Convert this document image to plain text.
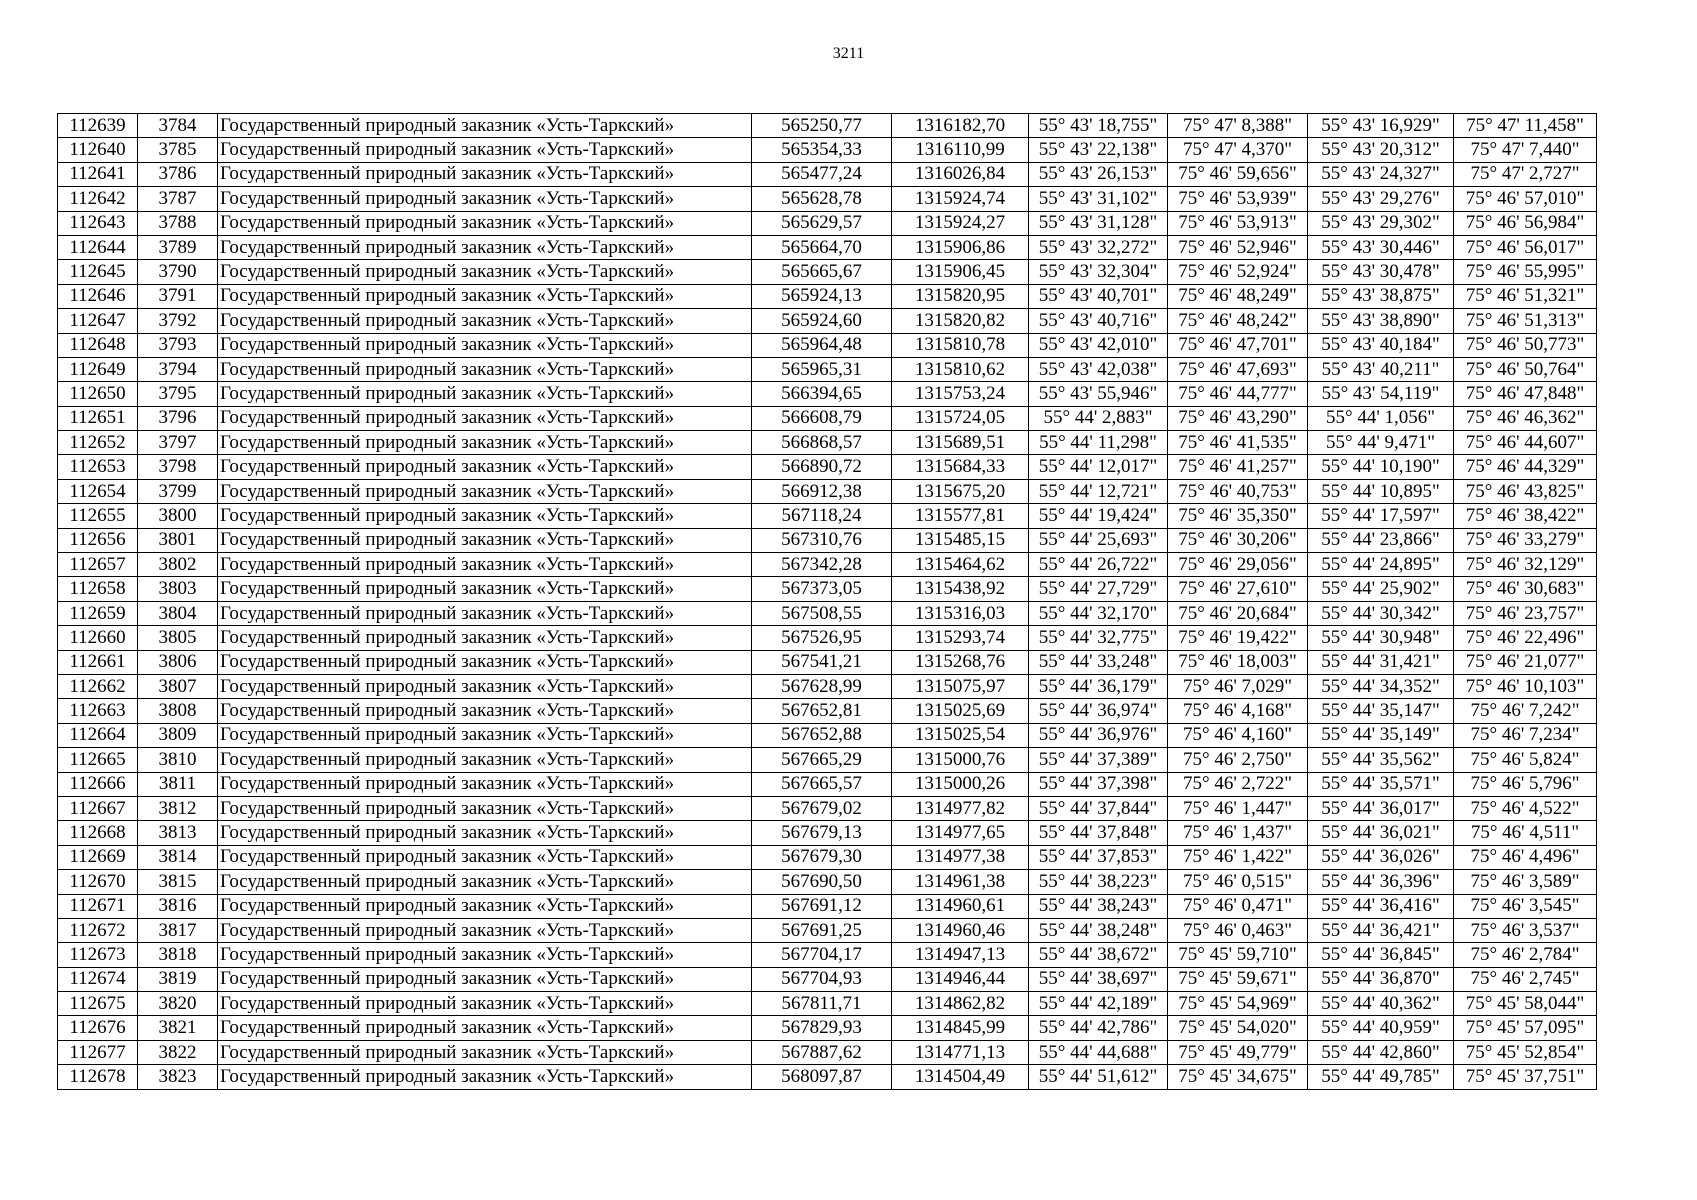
3211
112639	3784	Государственный природный заказник «Усть-Таркский»	565250,77	1316182,70	55° 43' 18,755"	75° 47' 8,388"	55° 43' 16,929"	75° 47' 11,458"
112640	3785	Государственный природный заказник «Усть-Таркский»	565354,33	1316110,99	55° 43' 22,138"	75° 47' 4,370"	55° 43' 20,312"	75° 47' 7,440"
112641	3786	Государственный природный заказник «Усть-Таркский»	565477,24	1316026,84	55° 43' 26,153"	75° 46' 59,656"	55° 43' 24,327"	75° 47' 2,727"
112642	3787	Государственный природный заказник «Усть-Таркский»	565628,78	1315924,74	55° 43' 31,102"	75° 46' 53,939"	55° 43' 29,276"	75° 46' 57,010"
112643	3788	Государственный природный заказник «Усть-Таркский»	565629,57	1315924,27	55° 43' 31,128"	75° 46' 53,913"	55° 43' 29,302"	75° 46' 56,984"
112644	3789	Государственный природный заказник «Усть-Таркский»	565664,70	1315906,86	55° 43' 32,272"	75° 46' 52,946"	55° 43' 30,446"	75° 46' 56,017"
112645	3790	Государственный природный заказник «Усть-Таркский»	565665,67	1315906,45	55° 43' 32,304"	75° 46' 52,924"	55° 43' 30,478"	75° 46' 55,995"
112646	3791	Государственный природный заказник «Усть-Таркский»	565924,13	1315820,95	55° 43' 40,701"	75° 46' 48,249"	55° 43' 38,875"	75° 46' 51,321"
112647	3792	Государственный природный заказник «Усть-Таркский»	565924,60	1315820,82	55° 43' 40,716"	75° 46' 48,242"	55° 43' 38,890"	75° 46' 51,313"
112648	3793	Государственный природный заказник «Усть-Таркский»	565964,48	1315810,78	55° 43' 42,010"	75° 46' 47,701"	55° 43' 40,184"	75° 46' 50,773"
112649	3794	Государственный природный заказник «Усть-Таркский»	565965,31	1315810,62	55° 43' 42,038"	75° 46' 47,693"	55° 43' 40,211"	75° 46' 50,764"
112650	3795	Государственный природный заказник «Усть-Таркский»	566394,65	1315753,24	55° 43' 55,946"	75° 46' 44,777"	55° 43' 54,119"	75° 46' 47,848"
112651	3796	Государственный природный заказник «Усть-Таркский»	566608,79	1315724,05	55° 44' 2,883"	75° 46' 43,290"	55° 44' 1,056"	75° 46' 46,362"
112652	3797	Государственный природный заказник «Усть-Таркский»	566868,57	1315689,51	55° 44' 11,298"	75° 46' 41,535"	55° 44' 9,471"	75° 46' 44,607"
112653	3798	Государственный природный заказник «Усть-Таркский»	566890,72	1315684,33	55° 44' 12,017"	75° 46' 41,257"	55° 44' 10,190"	75° 46' 44,329"
112654	3799	Государственный природный заказник «Усть-Таркский»	566912,38	1315675,20	55° 44' 12,721"	75° 46' 40,753"	55° 44' 10,895"	75° 46' 43,825"
112655	3800	Государственный природный заказник «Усть-Таркский»	567118,24	1315577,81	55° 44' 19,424"	75° 46' 35,350"	55° 44' 17,597"	75° 46' 38,422"
112656	3801	Государственный природный заказник «Усть-Таркский»	567310,76	1315485,15	55° 44' 25,693"	75° 46' 30,206"	55° 44' 23,866"	75° 46' 33,279"
112657	3802	Государственный природный заказник «Усть-Таркский»	567342,28	1315464,62	55° 44' 26,722"	75° 46' 29,056"	55° 44' 24,895"	75° 46' 32,129"
112658	3803	Государственный природный заказник «Усть-Таркский»	567373,05	1315438,92	55° 44' 27,729"	75° 46' 27,610"	55° 44' 25,902"	75° 46' 30,683"
112659	3804	Государственный природный заказник «Усть-Таркский»	567508,55	1315316,03	55° 44' 32,170"	75° 46' 20,684"	55° 44' 30,342"	75° 46' 23,757"
112660	3805	Государственный природный заказник «Усть-Таркский»	567526,95	1315293,74	55° 44' 32,775"	75° 46' 19,422"	55° 44' 30,948"	75° 46' 22,496"
112661	3806	Государственный природный заказник «Усть-Таркский»	567541,21	1315268,76	55° 44' 33,248"	75° 46' 18,003"	55° 44' 31,421"	75° 46' 21,077"
112662	3807	Государственный природный заказник «Усть-Таркский»	567628,99	1315075,97	55° 44' 36,179"	75° 46' 7,029"	55° 44' 34,352"	75° 46' 10,103"
112663	3808	Государственный природный заказник «Усть-Таркский»	567652,81	1315025,69	55° 44' 36,974"	75° 46' 4,168"	55° 44' 35,147"	75° 46' 7,242"
112664	3809	Государственный природный заказник «Усть-Таркский»	567652,88	1315025,54	55° 44' 36,976"	75° 46' 4,160"	55° 44' 35,149"	75° 46' 7,234"
112665	3810	Государственный природный заказник «Усть-Таркский»	567665,29	1315000,76	55° 44' 37,389"	75° 46' 2,750"	55° 44' 35,562"	75° 46' 5,824"
112666	3811	Государственный природный заказник «Усть-Таркский»	567665,57	1315000,26	55° 44' 37,398"	75° 46' 2,722"	55° 44' 35,571"	75° 46' 5,796"
112667	3812	Государственный природный заказник «Усть-Таркский»	567679,02	1314977,82	55° 44' 37,844"	75° 46' 1,447"	55° 44' 36,017"	75° 46' 4,522"
112668	3813	Государственный природный заказник «Усть-Таркский»	567679,13	1314977,65	55° 44' 37,848"	75° 46' 1,437"	55° 44' 36,021"	75° 46' 4,511"
112669	3814	Государственный природный заказник «Усть-Таркский»	567679,30	1314977,38	55° 44' 37,853"	75° 46' 1,422"	55° 44' 36,026"	75° 46' 4,496"
112670	3815	Государственный природный заказник «Усть-Таркский»	567690,50	1314961,38	55° 44' 38,223"	75° 46' 0,515"	55° 44' 36,396"	75° 46' 3,589"
112671	3816	Государственный природный заказник «Усть-Таркский»	567691,12	1314960,61	55° 44' 38,243"	75° 46' 0,471"	55° 44' 36,416"	75° 46' 3,545"
112672	3817	Государственный природный заказник «Усть-Таркский»	567691,25	1314960,46	55° 44' 38,248"	75° 46' 0,463"	55° 44' 36,421"	75° 46' 3,537"
112673	3818	Государственный природный заказник «Усть-Таркский»	567704,17	1314947,13	55° 44' 38,672"	75° 45' 59,710"	55° 44' 36,845"	75° 46' 2,784"
112674	3819	Государственный природный заказник «Усть-Таркский»	567704,93	1314946,44	55° 44' 38,697"	75° 45' 59,671"	55° 44' 36,870"	75° 46' 2,745"
112675	3820	Государственный природный заказник «Усть-Таркский»	567811,71	1314862,82	55° 44' 42,189"	75° 45' 54,969"	55° 44' 40,362"	75° 45' 58,044"
112676	3821	Государственный природный заказник «Усть-Таркский»	567829,93	1314845,99	55° 44' 42,786"	75° 45' 54,020"	55° 44' 40,959"	75° 45' 57,095"
112677	3822	Государственный природный заказник «Усть-Таркский»	567887,62	1314771,13	55° 44' 44,688"	75° 45' 49,779"	55° 44' 42,860"	75° 45' 52,854"
112678	3823	Государственный природный заказник «Усть-Таркский»	568097,87	1314504,49	55° 44' 51,612"	75° 45' 34,675"	55° 44' 49,785"	75° 45' 37,751"
